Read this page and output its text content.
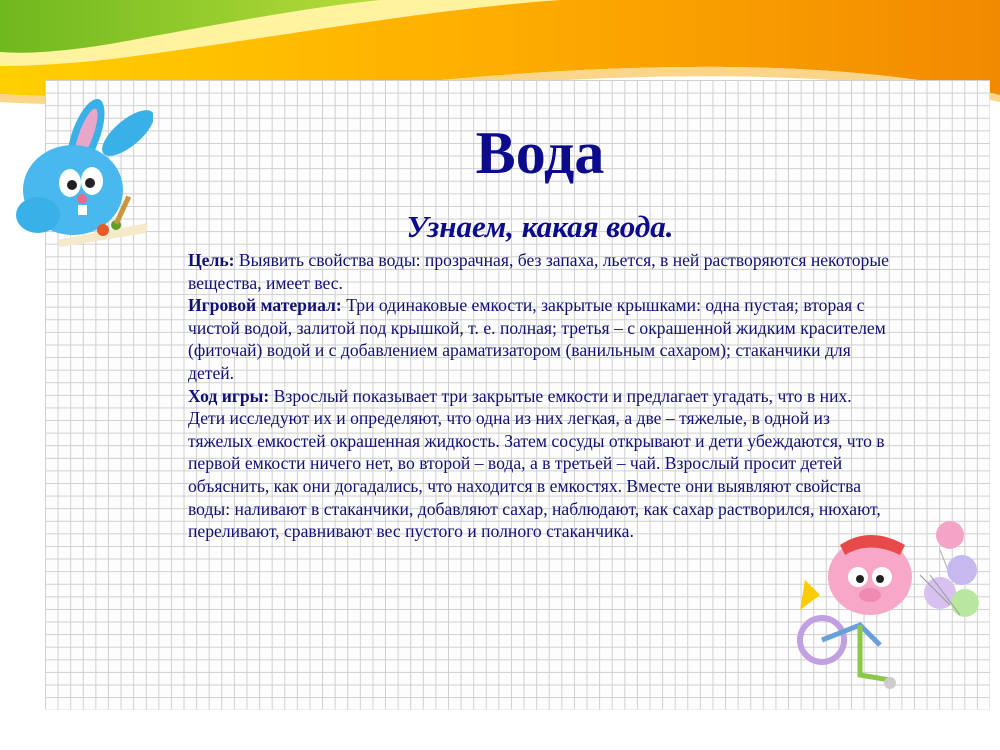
Вода
Узнаем, какая вода.

Цель: Выявить свойства воды: прозрачная, без запаха, льется, в ней растворяются некоторые вещества, имеет вес.

Игровой материал: Три одинаковые емкости, закрытые крышками: одна пустая; вторая с чистой водой, залитой под крышкой, т. е. полная; третья – с окрашенной жидким красителем (фиточай) водой и с добавлением араматизатором (ванильным сахаром); стаканчики для детей.

Ход игры: Взрослый показывает три закрытые емкости и предлагает угадать, что в них. Дети исследуют их и определяют, что одна из них легкая, а две – тяжелые, в одной из тяжелых емкостей окрашенная жидкость. Затем сосуды открывают и дети убеждаются, что в первой емкости ничего нет, во второй – вода, а в третьей – чай. Взрослый просит детей объяснить, как они догадались, что находится в емкостях. Вместе они выявляют свойства воды: наливают в стаканчики, добавляют сахар, наблюдают, как сахар растворился, нюхают, переливают, сравнивают вес пустого и полного стаканчика.
